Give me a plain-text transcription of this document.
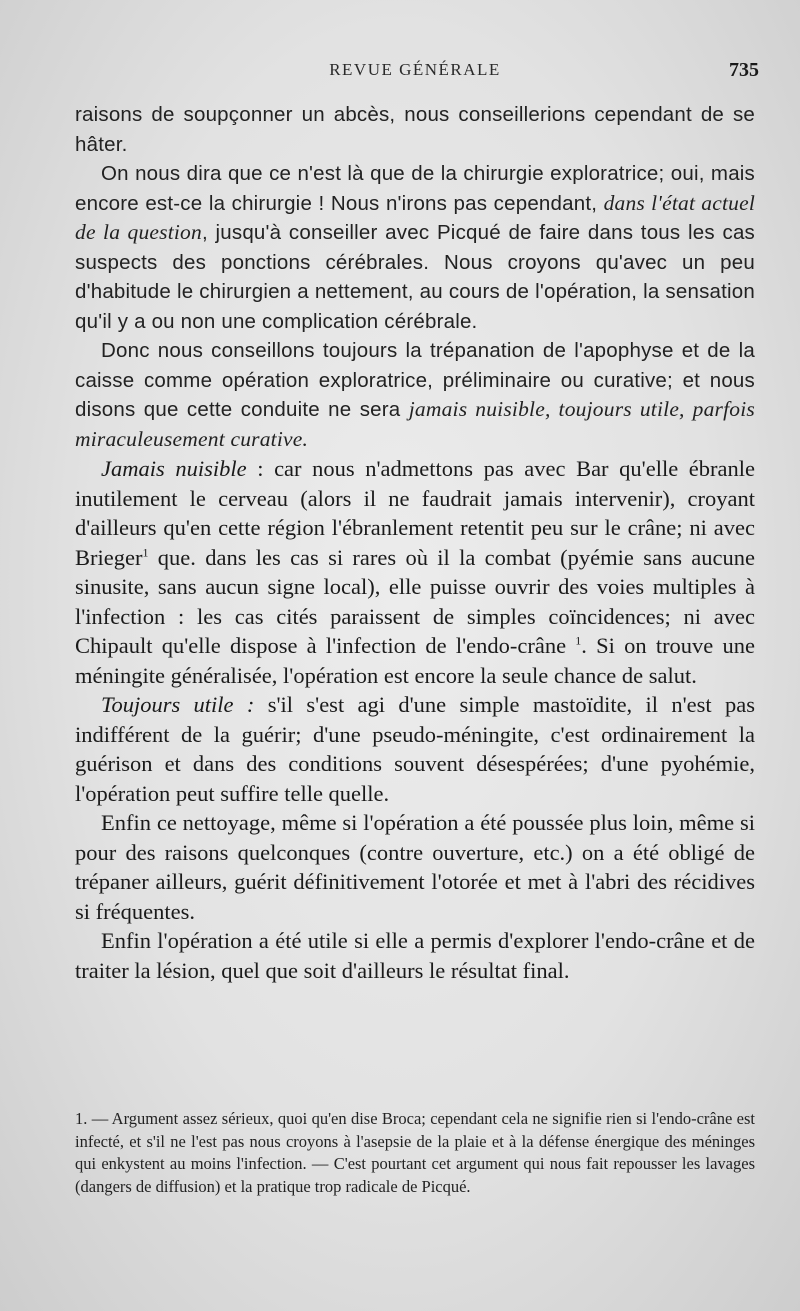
REVUE GÉNÉRALE	735

raisons de soupçonner un abcès, nous conseillerions cependant de se hâter.

On nous dira que ce n'est là que de la chirurgie exploratrice; oui, mais encore est-ce la chirurgie ! Nous n'irons pas cependant, dans l'état actuel de la question, jusqu'à conseiller avec Picqué de faire dans tous les cas suspects des ponctions cérébrales. Nous croyons qu'avec un peu d'habitude le chirurgien a nettement, au cours de l'opération, la sensation qu'il y a ou non une complication cérébrale.

Donc nous conseillons toujours la trépanation de l'apophyse et de la caisse comme opération exploratrice, préliminaire ou curative; et nous disons que cette conduite ne sera jamais nuisible, toujours utile, parfois miraculeusement curative.

Jamais nuisible : car nous n'admettons pas avec Bar qu'elle ébranle inutilement le cerveau (alors il ne faudrait jamais intervenir), croyant d'ailleurs qu'en cette région l'ébranlement retentit peu sur le crâne; ni avec Brieger$^1$ que. dans les cas si rares où il la combat (pyémie sans aucune sinusite, sans aucun signe local), elle puisse ouvrir des voies multiples à l'infection : les cas cités paraissent de simples coïncidences; ni avec Chipault qu'elle dispose à l'infection de l'endo-crâne $^1$. Si on trouve une méningite généralisée, l'opération est encore la seule chance de salut.

Toujours utile : s'il s'est agi d'une simple mastoïdite, il n'est pas indifférent de la guérir; d'une pseudo-méningite, c'est ordinairement la guérison et dans des conditions souvent désespérées; d'une pyohémie, l'opération peut suffire telle quelle.

Enfin ce nettoyage, même si l'opération a été poussée plus loin, même si pour des raisons quelconques (contre ouverture, etc.) on a été obligé de trépaner ailleurs, guérit définitivement l'otorée et met à l'abri des récidives si fréquentes.

Enfin l'opération a été utile si elle a permis d'explorer l'endo-crâne et de traiter la lésion, quel que soit d'ailleurs le résultat final.

1. — Argument assez sérieux, quoi qu'en dise Broca; cependant cela ne signifie rien si l'endo-crâne est infecté, et s'il ne l'est pas nous croyons à l'asepsie de la plaie et à la défense énergique des méninges qui enkystent au moins l'infection. — C'est pourtant cet argument qui nous fait repousser les lavages (dangers de diffusion) et la pratique trop radicale de Picqué.
